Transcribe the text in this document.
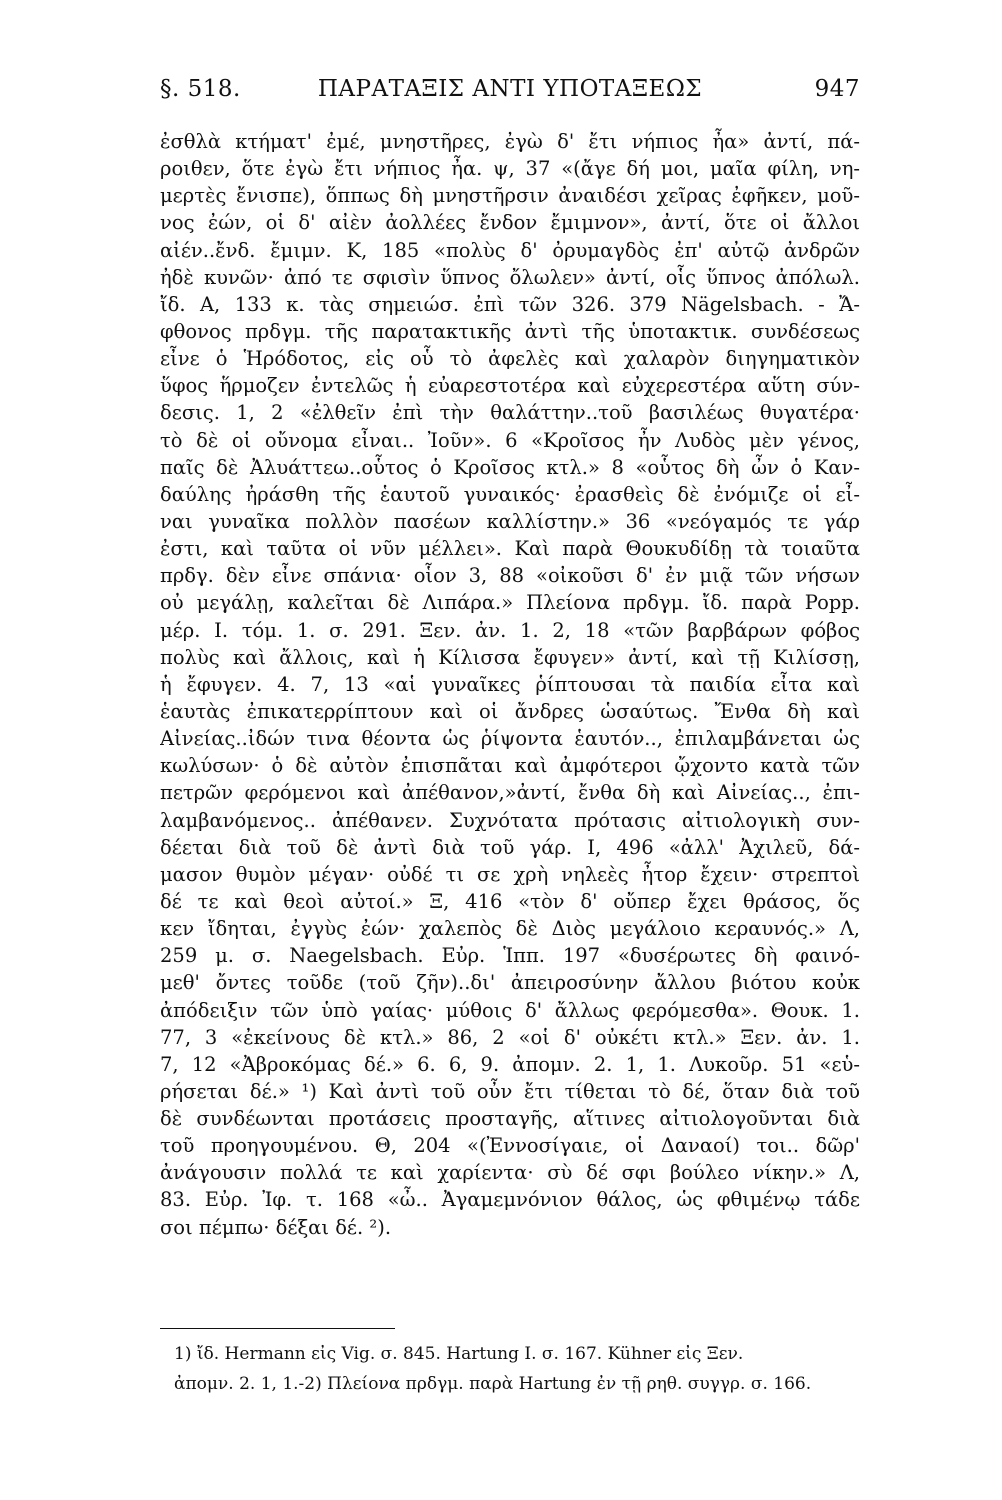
§. 518.	ΠΑΡΑΤΑΞΙΣ ΑΝΤΙ ΥΠΟΤΑΞΕΩΣ	947
ἐσθλὰ κτήματ' ἐμέ, μνηστῆρες, ἐγὼ δ' ἔτι νήπιος ἦα» ἀντί, πά-
ροιθεν, ὅτε ἐγὼ ἔτι νήπιος ἦα. ψ, 37 «(ἄγε δή μοι, μαῖα φίλη, νη-
μερτὲς ἔνισπε), ὅππως δὴ μνηστῆρσιν ἀναιδέσι χεῖρας ἐφῆκεν, μοῦ-
νος ἐών, οἱ δ' αἰὲν ἀολλέες ἔνδον ἔμιμνον», ἀντί, ὅτε οἱ ἄλλοι
αἰέν..ἔνδ. ἔμιμν. Κ, 185 «πολὺς δ' ὀρυμαγδὸς ἐπ' αὐτῷ ἀνδρῶν
ἠδὲ κυνῶν· ἀπό τε σφισὶν ὕπνος ὄλωλεν» ἀντί, οἷς ὕπνος ἀπόλωλ.
ἴδ. Α, 133 κ. τὰς σημειώσ. ἐπὶ τῶν 326. 379 Nägelsbach. - Ἄ-
φθονος πρδγμ. τῆς παρατακτικῆς ἀντὶ τῆς ὑποτακτικ. συνδέσεως
εἶνε ὁ Ἡρόδοτος, εἰς οὗ τὸ ἀφελὲς καὶ χαλαρὸν διηγηματικὸν
ὕφος ἥρμοζεν ἐντελῶς ἡ εὐαρεστοτέρα καὶ εὐχερεστέρα αὕτη σύν-
δεσις. 1, 2 «ἐλθεῖν ἐπὶ τὴν θαλάττην..τοῦ βασιλέως θυγατέρα·
τὸ δὲ οἱ οὔνομα εἶναι.. Ἰοῦν». 6 «Κροῖσος ἦν Λυδὸς μὲν γένος,
παῖς δὲ Ἀλυάττεω..οὗτος ὁ Κροῖσος κτλ.» 8 «οὗτος δὴ ὦν ὁ Καν-
δαύλης ἠράσθη τῆς ἑαυτοῦ γυναικός· ἐρασθεὶς δὲ ἐνόμιζε οἱ εἶ-
ναι γυναῖκα πολλὸν πασέων καλλίστην.» 36 «νεόγαμός τε γάρ
ἐστι, καὶ ταῦτα οἱ νῦν μέλλει». Καὶ παρὰ Θουκυδίδῃ τὰ τοιαῦτα
πρδγ. δὲν εἶνε σπάνια· οἷον 3, 88 «οἰκοῦσι δ' ἐν μιᾷ τῶν νήσων
οὐ μεγάλῃ, καλεῖται δὲ Λιπάρα.» Πλείονα πρδγμ. ἴδ. παρὰ Popp.
μέρ. Ι. τόμ. 1. σ. 291. Ξεν. ἀν. 1. 2, 18 «τῶν βαρβάρων φόβος
πολὺς καὶ ἄλλοις, καὶ ἡ Κίλισσα ἔφυγεν» ἀντί, καὶ τῇ Κιλίσσῃ,
ἡ ἔφυγεν. 4. 7, 13 «αἱ γυναῖκες ῥίπτουσαι τὰ παιδία εἶτα καὶ
ἑαυτὰς ἐπικατερρίπτουν καὶ οἱ ἄνδρες ὡσαύτως. Ἔνθα δὴ καὶ
Αἰνείας..ἰδών τινα θέοντα ὡς ῥίψοντα ἑαυτόν.., ἐπιλαμβάνεται ὡς
κωλύσων· ὁ δὲ αὐτὸν ἐπισπᾶται καὶ ἀμφότεροι ᾤχοντο κατὰ τῶν
πετρῶν φερόμενοι καὶ ἀπέθανον,»ἀντί, ἔνθα δὴ καὶ Αἰνείας.., ἐπι-
λαμβανόμενος.. ἀπέθανεν. Συχνότατα πρότασις αἰτιολογικὴ συν-
δέεται διὰ τοῦ δὲ ἀντὶ διὰ τοῦ γάρ. Ι, 496 «ἀλλ' Ἀχιλεῦ, δά-
μασον θυμὸν μέγαν· οὐδέ τι σε χρὴ νηλεὲς ἦτορ ἔχειν· στρεπτοὶ
δέ τε καὶ θεοὶ αὐτοί.» Ξ, 416 «τὸν δ' οὔπερ ἔχει θράσος, ὅς
κεν ἴδηται, ἐγγὺς ἐών· χαλεπὸς δὲ Διὸς μεγάλοιο κεραυνός.» Λ,
259 μ. σ. Naegelsbach. Εὐρ. Ἱππ. 197 «δυσέρωτες δὴ φαινό-
μεθ' ὄντες τοῦδε (τοῦ ζῆν)..δι' ἀπειροσύνην ἄλλου βιότου κοὐκ
ἀπόδειξιν τῶν ὑπὸ γαίας· μύθοις δ' ἄλλως φερόμεσθα». Θουκ. 1.
77, 3 «ἐκείνους δὲ κτλ.» 86, 2 «οἱ δ' οὐκέτι κτλ.» Ξεν. ἀν. 1.
7, 12 «Ἀβροκόμας δέ.» 6. 6, 9. ἀπομν. 2. 1, 1. Λυκοῦρ. 51 «εὑ-
ρήσεται δέ.» ¹) Καὶ ἀντὶ τοῦ οὖν ἔτι τίθεται τὸ δέ, ὅταν διὰ τοῦ
δὲ συνδέωνται προτάσεις προσταγῆς, αἵτινες αἰτιολογοῦνται διὰ
τοῦ προηγουμένου. Θ, 204 «(Ἐννοσίγαιε, οἱ Δαναοί) τοι.. δῶρ'
ἀνάγουσιν πολλά τε καὶ χαρίεντα· σὺ δέ σφι βούλεο νίκην.» Λ,
83. Εὐρ. Ἰφ. τ. 168 «ὦ.. Ἀγαμεμνόνιον θάλος, ὡς φθιμένῳ τάδε
σοι πέμπω· δέξαι δέ. ²).
1) ἴδ. Hermann εἰς Vig. σ. 845. Hartung I. σ. 167. Kühner εἰς Ξεν.
ἀπομν. 2. 1, 1.-2) Πλείονα πρδγμ. παρὰ Hartung ἐν τῇ ρηθ. συγγρ. σ. 166.
